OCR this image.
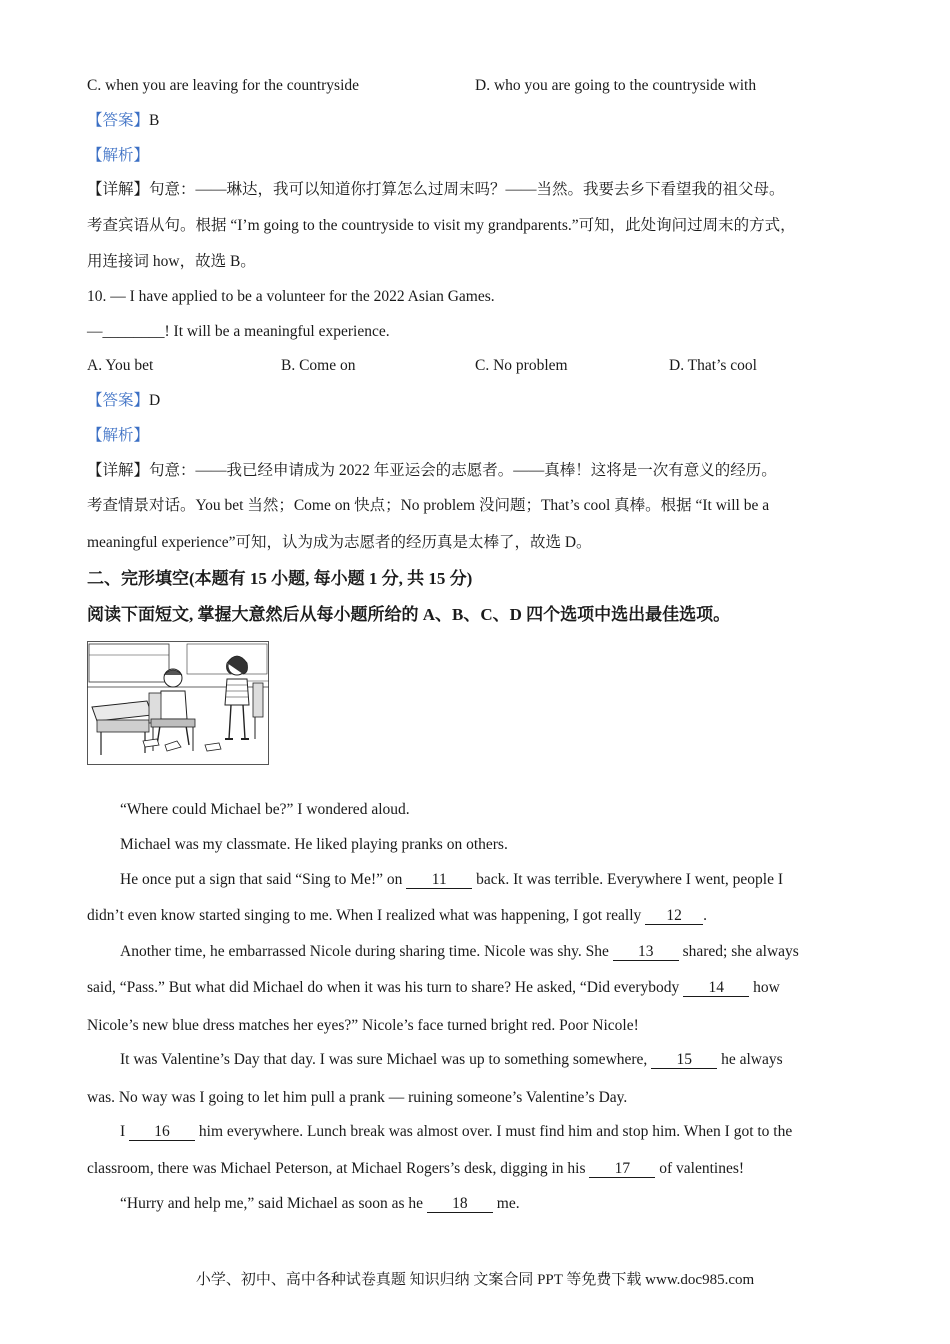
C. when you are leaving for the countryside	D. who you are going to the countryside with
【答案】B
【解析】
【详解】句意：——琳达，我可以知道你打算怎么过周末吗？——当然。我要去乡下看望我的祖父母。
考查宾语从句。根据 “I’m going to the countryside to visit my grandparents.”可知，此处询问过周末的方式，
用连接词 how，故选 B。
10. — I have applied to be a volunteer for the 2022 Asian Games.
—________! It will be a meaningful experience.
A. You bet	B. Come on	C. No problem	D. That’s cool
【答案】D
【解析】
【详解】句意：——我已经申请成为 2022 年亚运会的志愿者。——真棒！这将是一次有意义的经历。
考查情景对话。You bet 当然；Come on 快点；No problem 没问题；That’s cool 真棒。根据 “It will be a
meaningful experience”可知，认为成为志愿者的经历真是太棒了，故选 D。
二、完形填空(本题有 15 小题, 每小题 1 分, 共 15 分)
阅读下面短文, 掌握大意然后从每小题所给的 A、B、C、D 四个选项中选出最佳选项。
“Where could Michael be?” I wondered aloud.
Michael was my classmate. He liked playing pranks on others.
He once put a sign that said “Sing to Me!” on 11 back. It was terrible. Everywhere I went, people I
didn’t even know started singing to me. When I realized what was happening, I got really 12 .
Another time, he embarrassed Nicole during sharing time. Nicole was shy. She 13 shared; she always
said, “Pass.” But what did Michael do when it was his turn to share? He asked, “Did everybody 14 how
Nicole’s new blue dress matches her eyes?” Nicole’s face turned bright red. Poor Nicole!
It was Valentine’s Day that day. I was sure Michael was up to something somewhere, 15 he always
was. No way was I going to let him pull a prank — ruining someone’s Valentine’s Day.
I 16 him everywhere. Lunch break was almost over. I must find him and stop him. When I got to the
classroom, there was Michael Peterson, at Michael Rogers’s desk, digging in his 17 of valentines!
“Hurry and help me,” said Michael as soon as he 18 me.
小学、初中、高中各种试卷真题 知识归纳 文案合同 PPT 等免费下载 www.doc985.com
